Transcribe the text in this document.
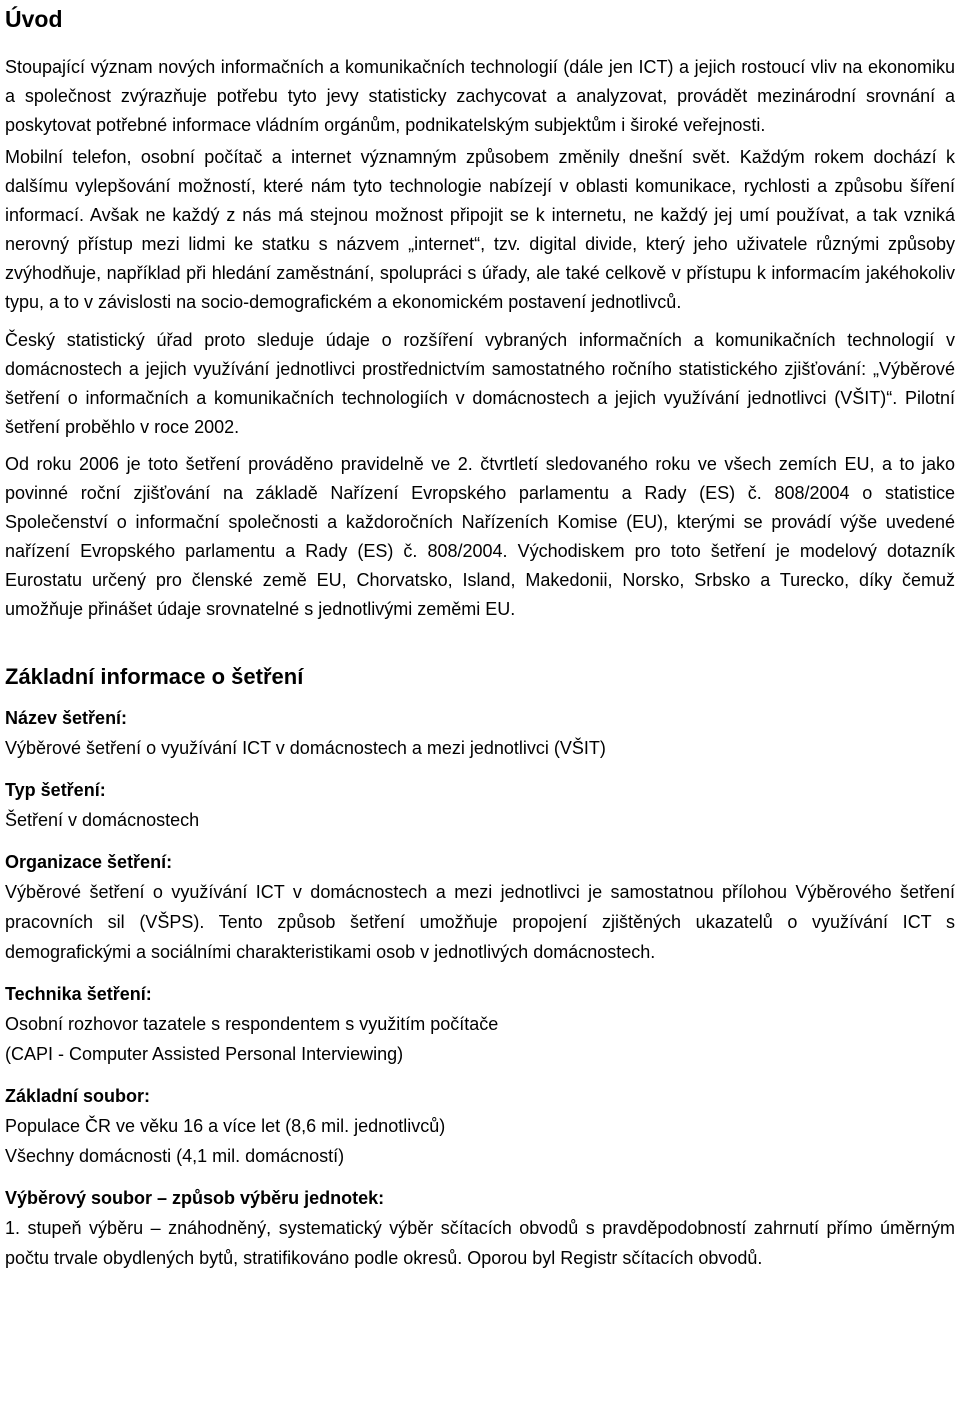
Úvod

Stoupající význam nových informačních a komunikačních technologií (dále jen ICT) a jejich rostoucí vliv na ekonomiku a společnost zvýrazňuje potřebu tyto jevy statisticky zachycovat a analyzovat, provádět mezinárodní srovnání a poskytovat potřebné informace vládním orgánům, podnikatelským subjektům i široké veřejnosti.

Mobilní telefon, osobní počítač a internet významným způsobem změnily dnešní svět. Každým rokem dochází k dalšímu vylepšování možností, které nám tyto technologie nabízejí v oblasti komunikace, rychlosti a způsobu šíření informací. Avšak ne každý z nás má stejnou možnost připojit se k internetu, ne každý jej umí používat, a tak vzniká nerovný přístup mezi lidmi ke statku s názvem „internet“, tzv. digital divide, který jeho uživatele různými způsoby zvýhodňuje, například při hledání zaměstnání, spolupráci s úřady, ale také celkově v přístupu k informacím jakéhokoliv typu, a to v závislosti na socio-demografickém a ekonomickém postavení jednotlivců.

Český statistický úřad proto sleduje údaje o rozšíření vybraných informačních a komunikačních technologií v domácnostech a jejich využívání jednotlivci prostřednictvím samostatného ročního statistického zjišťování: „Výběrové šetření o informačních a komunikačních technologiích v domácnostech a jejich využívání jednotlivci (VŠIT)“. Pilotní šetření proběhlo v roce 2002.

Od roku 2006 je toto šetření prováděno pravidelně ve 2. čtvrtletí sledovaného roku ve všech zemích EU, a to jako povinné roční zjišťování na základě Nařízení Evropského parlamentu a Rady (ES) č. 808/2004 o statistice Společenství o informační společnosti a každoročních Nařízeních Komise (EU), kterými se provádí výše uvedené nařízení Evropského parlamentu a Rady (ES) č. 808/2004. Východiskem pro toto šetření je modelový dotazník Eurostatu určený pro členské země EU, Chorvatsko, Island, Makedonii, Norsko, Srbsko a Turecko, díky čemuž umožňuje přinášet údaje srovnatelné s jednotlivými zeměmi EU.

Základní informace o šetření
Název šetření:
Výběrové šetření o využívání ICT v domácnostech a mezi jednotlivci (VŠIT)
Typ šetření:
Šetření v domácnostech
Organizace šetření:
Výběrové šetření o využívání ICT v domácnostech a mezi jednotlivci je samostatnou přílohou Výběrového šetření pracovních sil (VŠPS). Tento způsob šetření umožňuje propojení zjištěných ukazatelů o využívání ICT s demografickými a sociálními charakteristikami osob v jednotlivých domácnostech.
Technika šetření:
Osobní rozhovor tazatele s respondentem s využitím počítače
(CAPI - Computer Assisted Personal Interviewing)
Základní soubor:
Populace ČR ve věku 16 a více let (8,6 mil. jednotlivců)
Všechny domácnosti (4,1 mil. domácností)
Výběrový soubor – způsob výběru jednotek:
1. stupeň výběru – znáhodněný, systematický výběr sčítacích obvodů s pravděpodobností zahrnutí přímo úměrným počtu trvale obydlených bytů, stratifikováno podle okresů. Oporou byl Registr sčítacích obvodů.
